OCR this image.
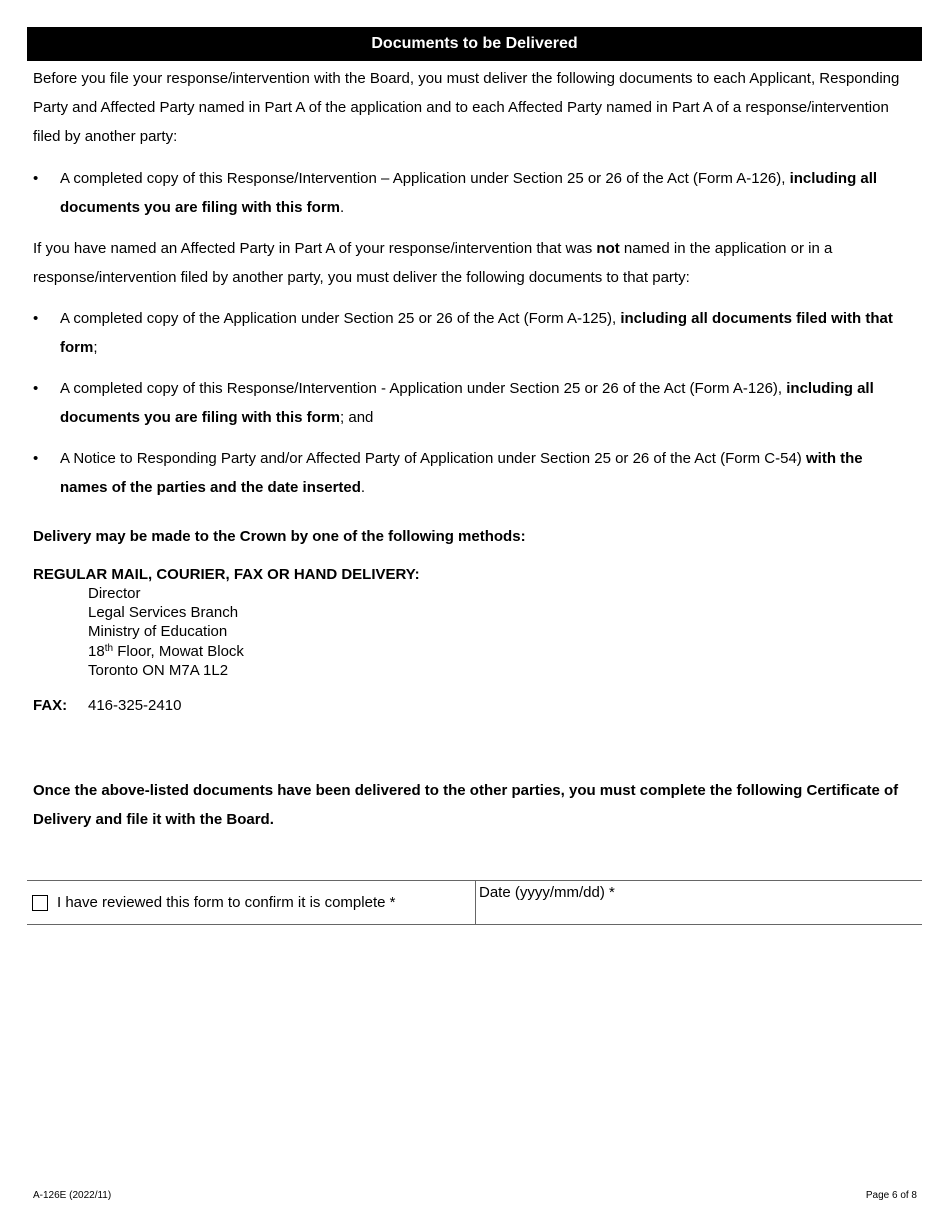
Documents to be Delivered
Before you file your response/intervention with the Board, you must deliver the following documents to each Applicant, Responding Party and Affected Party named in Part A of the application and to each Affected Party named in Part A of a response/intervention filed by another party:
• A completed copy of this Response/Intervention – Application under Section 25 or 26 of the Act (Form A-126), including all documents you are filing with this form.
If you have named an Affected Party in Part A of your response/intervention that was not named in the application or in a response/intervention filed by another party, you must deliver the following documents to that party:
• A completed copy of the Application under Section 25 or 26 of the Act (Form A-125), including all documents filed with that form;
• A completed copy of this Response/Intervention - Application under Section 25 or 26 of the Act (Form A-126), including all documents you are filing with this form; and
• A Notice to Responding Party and/or Affected Party of Application under Section 25 or 26 of the Act (Form C-54) with the names of the parties and the date inserted.
Delivery may be made to the Crown by one of the following methods:
REGULAR MAIL, COURIER, FAX OR HAND DELIVERY:
Director
Legal Services Branch
Ministry of Education
18th Floor, Mowat Block
Toronto ON M7A 1L2
FAX: 416-325-2410
Once the above-listed documents have been delivered to the other parties, you must complete the following Certificate of Delivery and file it with the Board.
I have reviewed this form to confirm it is complete *
Date (yyyy/mm/dd) *
A-126E (2022/11)	Page 6 of 8
